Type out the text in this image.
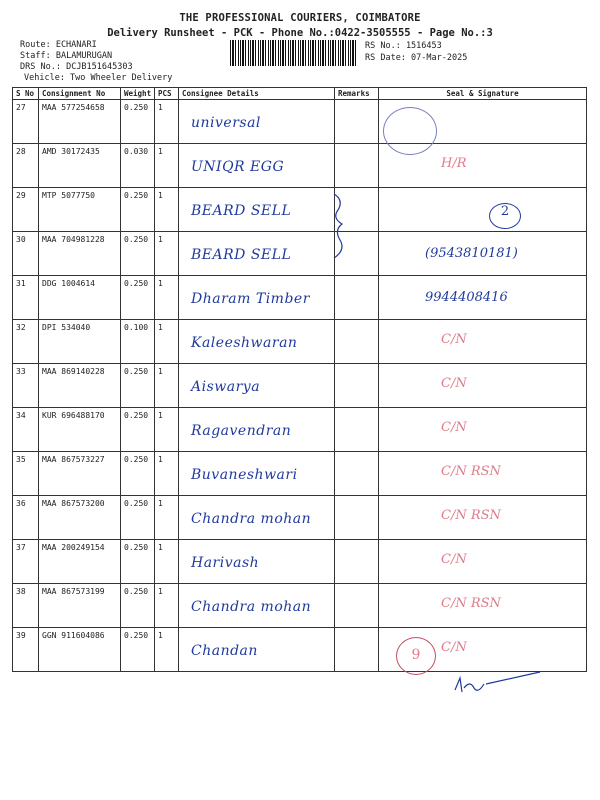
THE PROFESSIONAL COURIERS, COIMBATORE
Delivery Runsheet - PCK - Phone No.:0422-3505555 - Page No.:3
Route: ECHANARI
Staff: BALAMURUGAN
DRS No.: DCJB151645303
Vehicle: Two Wheeler Delivery
RS No.: 1516453
RS Date: 07-Mar-2025
S No	Consignment No	Weight	PCS	Consignee Details	Remarks	Seal & Signature
27	MAA 577254658	0.250	1	universal		

28	AMD 30172435	0.030	1	UNIQR EGG		H/R

29	MTP 5077750	0.250	1	BEARD SELL		

30	MAA 704981228	0.250	1	BEARD SELL		(9543810181)

31	DDG 1004614	0.250	1	Dharam Timber		9944408416

32	DPI 534040	0.100	1	Kaleeshwaran		C/N

33	MAA 869140228	0.250	1	Aiswarya		C/N

34	KUR 696488170	0.250	1	Ragavendran		C/N

35	MAA 867573227	0.250	1	Buvaneshwari		C/N RSN

36	MAA 867573200	0.250	1	Chandra mohan		C/N RSN

37	MAA 200249154	0.250	1	Harivash		C/N

38	MAA 867573199	0.250	1	Chandra mohan		C/N RSN

39	GGN 911604086	0.250	1	Chandan		C/N
2
9
